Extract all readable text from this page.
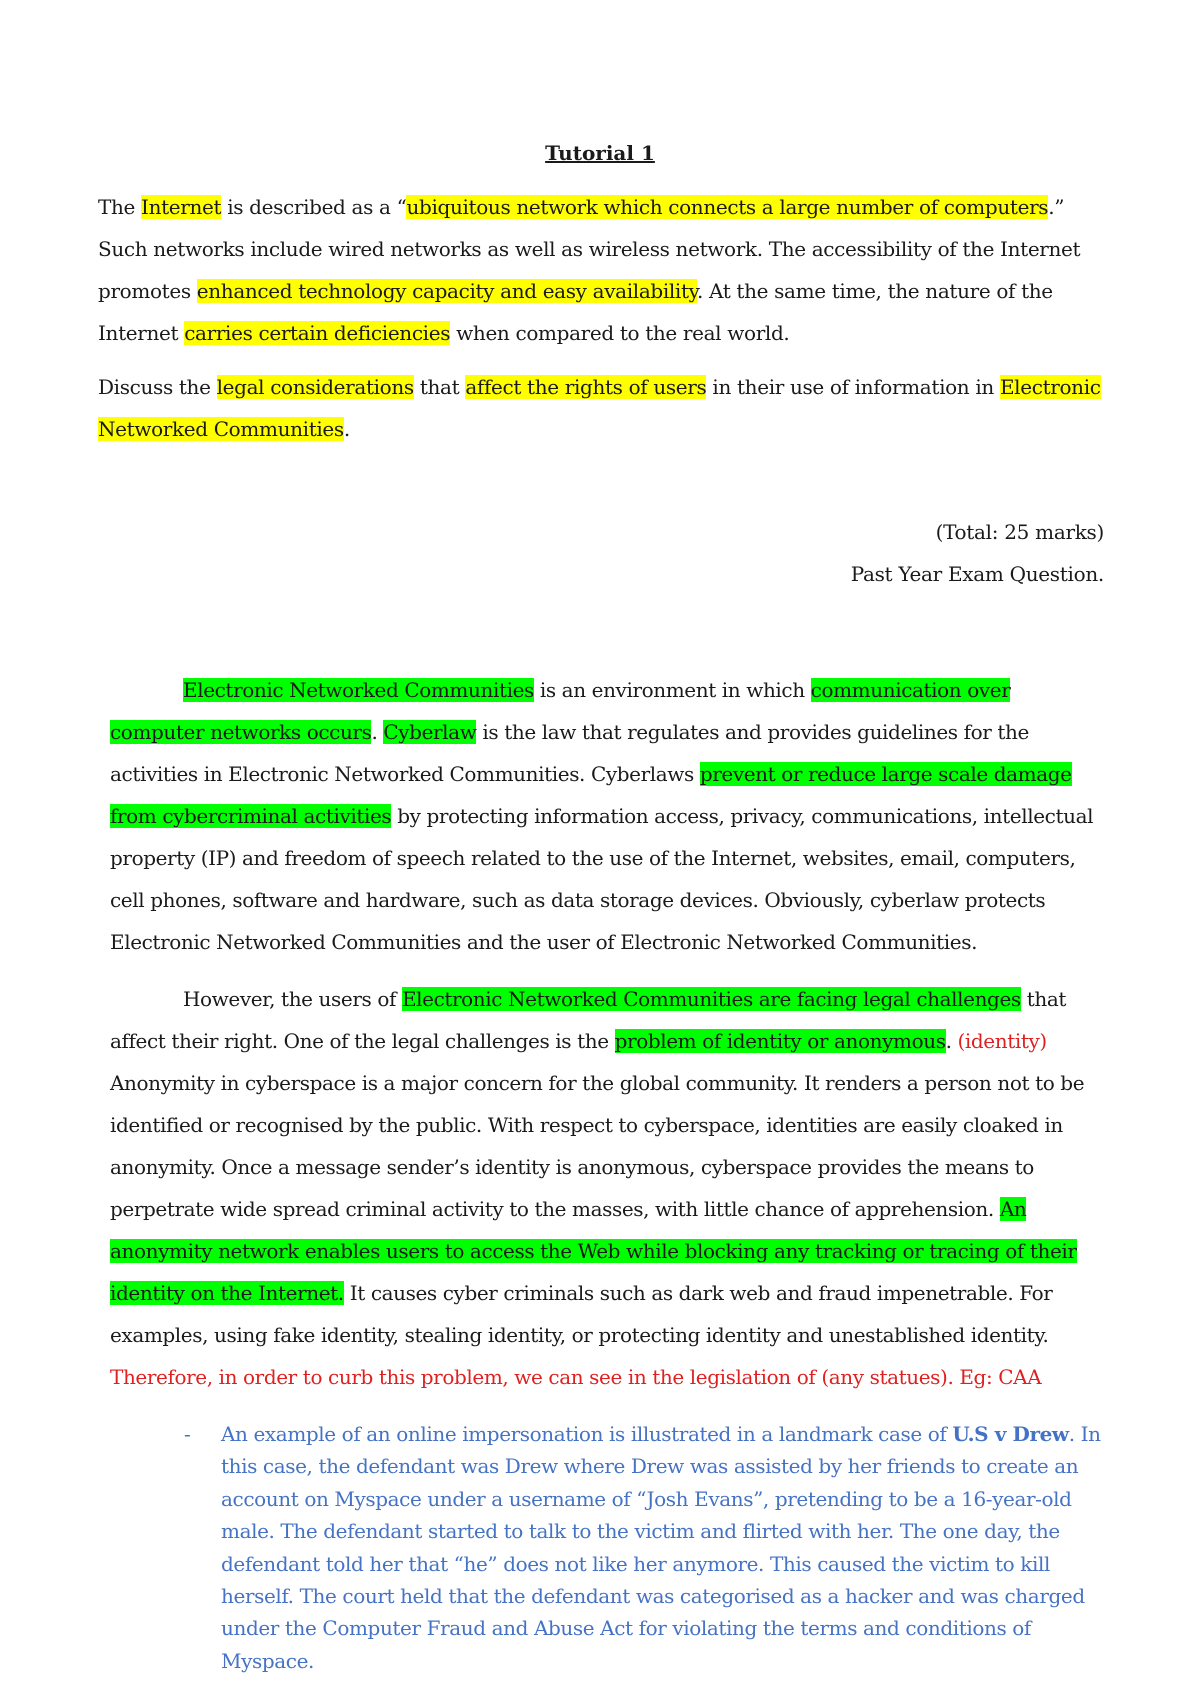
Tutorial 1

The Internet is described as a “ubiquitous network which connects a large number of computers.” Such networks include wired networks as well as wireless network. The accessibility of the Internet promotes enhanced technology capacity and easy availability. At the same time, the nature of the Internet carries certain deficiencies when compared to the real world.

Discuss the legal considerations that affect the rights of users in their use of information in Electronic Networked Communities.

(Total: 25 marks)
Past Year Exam Question.

Electronic Networked Communities is an environment in which communication over computer networks occurs. Cyberlaw is the law that regulates and provides guidelines for the activities in Electronic Networked Communities. Cyberlaws prevent or reduce large scale damage from cybercriminal activities by protecting information access, privacy, communications, intellectual property (IP) and freedom of speech related to the use of the Internet, websites, email, computers, cell phones, software and hardware, such as data storage devices. Obviously, cyberlaw protects Electronic Networked Communities and the user of Electronic Networked Communities.

However, the users of Electronic Networked Communities are facing legal challenges that affect their right. One of the legal challenges is the problem of identity or anonymous. (identity) Anonymity in cyberspace is a major concern for the global community. It renders a person not to be identified or recognised by the public. With respect to cyberspace, identities are easily cloaked in anonymity. Once a message sender’s identity is anonymous, cyberspace provides the means to perpetrate wide spread criminal activity to the masses, with little chance of apprehension. An anonymity network enables users to access the Web while blocking any tracking or tracing of their identity on the Internet. It causes cyber criminals such as dark web and fraud impenetrable. For examples, using fake identity, stealing identity, or protecting identity and unestablished identity. Therefore, in order to curb this problem, we can see in the legislation of (any statues). Eg: CAA

- An example of an online impersonation is illustrated in a landmark case of U.S v Drew. In this case, the defendant was Drew where Drew was assisted by her friends to create an account on Myspace under a username of “Josh Evans”, pretending to be a 16-year-old male. The defendant started to talk to the victim and flirted with her. The one day, the defendant told her that “he” does not like her anymore. This caused the victim to kill herself. The court held that the defendant was categorised as a hacker and was charged under the Computer Fraud and Abuse Act for violating the terms and conditions of Myspace.
